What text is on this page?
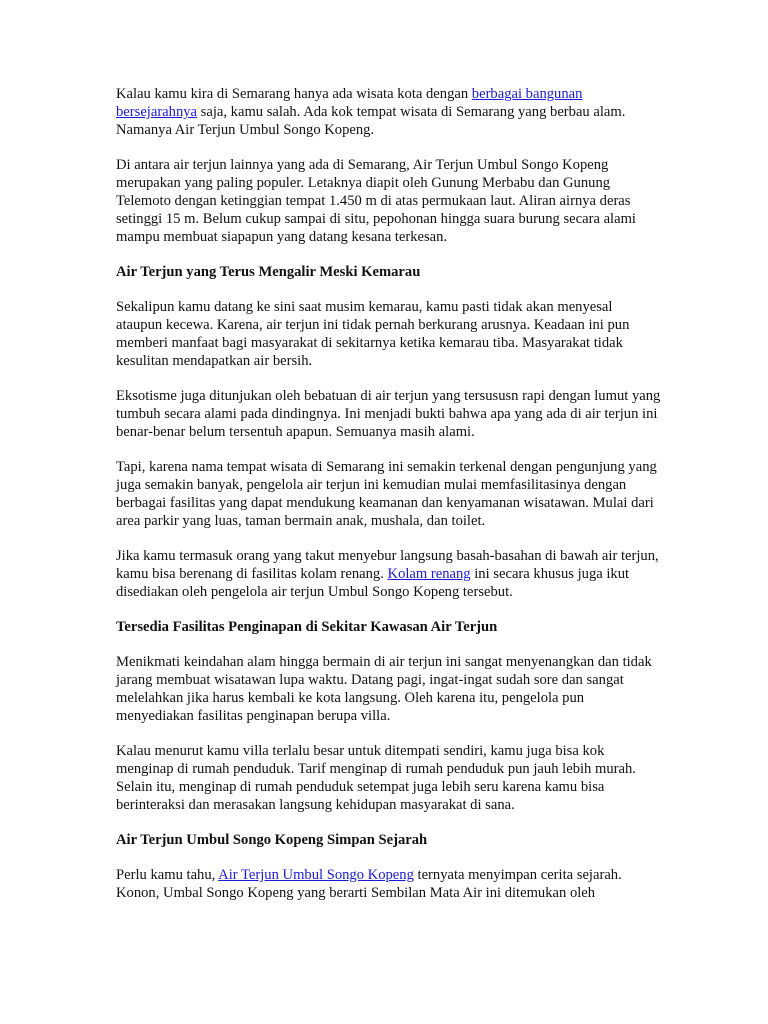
Kalau kamu kira di Semarang hanya ada wisata kota dengan berbagai bangunan bersejarahnya saja, kamu salah. Ada kok tempat wisata di Semarang yang berbau alam. Namanya Air Terjun Umbul Songo Kopeng.

Di antara air terjun lainnya yang ada di Semarang, Air Terjun Umbul Songo Kopeng merupakan yang paling populer. Letaknya diapit oleh Gunung Merbabu dan Gunung Telemoto dengan ketinggian tempat 1.450 m di atas permukaan laut. Aliran airnya deras setinggi 15 m. Belum cukup sampai di situ, pepohonan hingga suara burung secara alami mampu membuat siapapun yang datang kesana terkesan.

Air Terjun yang Terus Mengalir Meski Kemarau

Sekalipun kamu datang ke sini saat musim kemarau, kamu pasti tidak akan menyesal ataupun kecewa. Karena, air terjun ini tidak pernah berkurang arusnya. Keadaan ini pun memberi manfaat bagi masyarakat di sekitarnya ketika kemarau tiba. Masyarakat tidak kesulitan mendapatkan air bersih.

Eksotisme juga ditunjukan oleh bebatuan di air terjun yang tersususn rapi dengan lumut yang tumbuh secara alami pada dindingnya. Ini menjadi bukti bahwa apa yang ada di air terjun ini benar-benar belum tersentuh apapun. Semuanya masih alami.

Tapi, karena nama tempat wisata di Semarang ini semakin terkenal dengan pengunjung yang juga semakin banyak, pengelola air terjun ini kemudian mulai memfasilitasinya dengan berbagai fasilitas yang dapat mendukung keamanan dan kenyamanan wisatawan. Mulai dari area parkir yang luas, taman bermain anak, mushala, dan toilet.

Jika kamu termasuk orang yang takut menyebur langsung basah-basahan di bawah air terjun, kamu bisa berenang di fasilitas kolam renang. Kolam renang ini secara khusus juga ikut disediakan oleh pengelola air terjun Umbul Songo Kopeng tersebut.

Tersedia Fasilitas Penginapan di Sekitar Kawasan Air Terjun

Menikmati keindahan alam hingga bermain di air terjun ini sangat menyenangkan dan tidak jarang membuat wisatawan lupa waktu. Datang pagi, ingat-ingat sudah sore dan sangat melelahkan jika harus kembali ke kota langsung. Oleh karena itu, pengelola pun menyediakan fasilitas penginapan berupa villa.

Kalau menurut kamu villa terlalu besar untuk ditempati sendiri, kamu juga bisa kok menginap di rumah penduduk. Tarif menginap di rumah penduduk pun jauh lebih murah. Selain itu, menginap di rumah penduduk setempat juga lebih seru karena kamu bisa berinteraksi dan merasakan langsung kehidupan masyarakat di sana.

Air Terjun Umbul Songo Kopeng Simpan Sejarah

Perlu kamu tahu, Air Terjun Umbul Songo Kopeng ternyata menyimpan cerita sejarah. Konon, Umbal Songo Kopeng yang berarti Sembilan Mata Air ini ditemukan oleh
